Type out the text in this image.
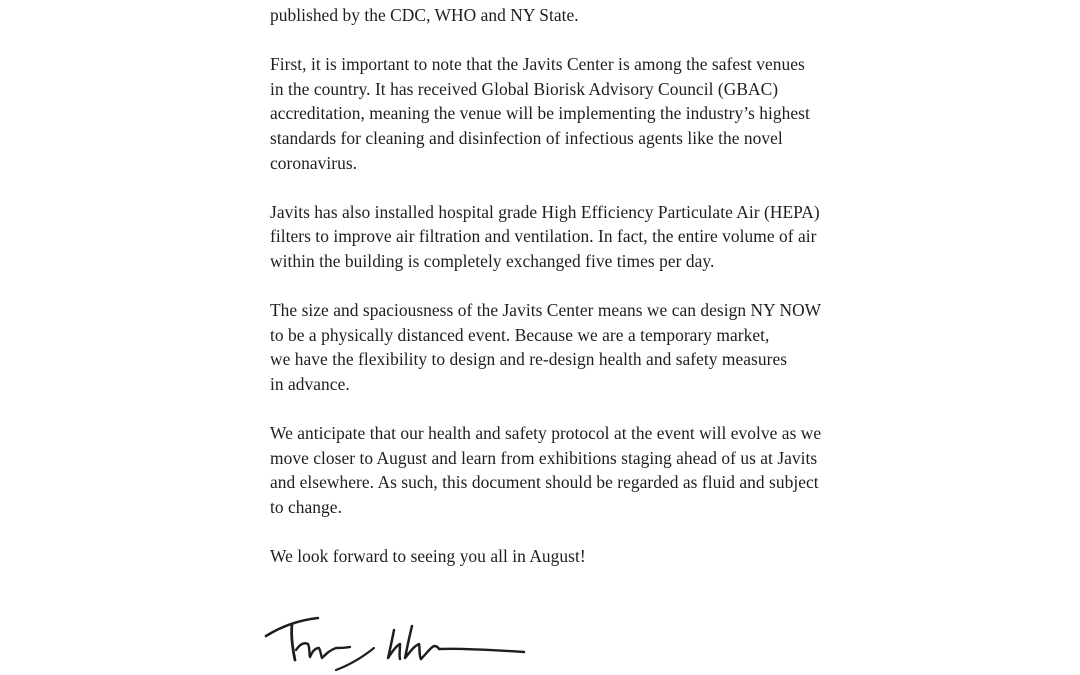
published by the CDC, WHO and NY State.

First, it is important to note that the Javits Center is among the safest venues
in the country. It has received Global Biorisk Advisory Council (GBAC)
accreditation, meaning the venue will be implementing the industry’s highest
standards for cleaning and disinfection of infectious agents like the novel
coronavirus.

Javits has also installed hospital grade High Efficiency Particulate Air (HEPA)
filters to improve air filtration and ventilation. In fact, the entire volume of air
within the building is completely exchanged five times per day.

The size and spaciousness of the Javits Center means we can design NY NOW
to be a physically distanced event. Because we are a temporary market,
we have the flexibility to design and re-design health and safety measures
in advance.

We anticipate that our health and safety protocol at the event will evolve as we
move closer to August and learn from exhibitions staging ahead of us at Javits
and elsewhere. As such, this document should be regarded as fluid and subject
to change.

We look forward to seeing you all in August!
